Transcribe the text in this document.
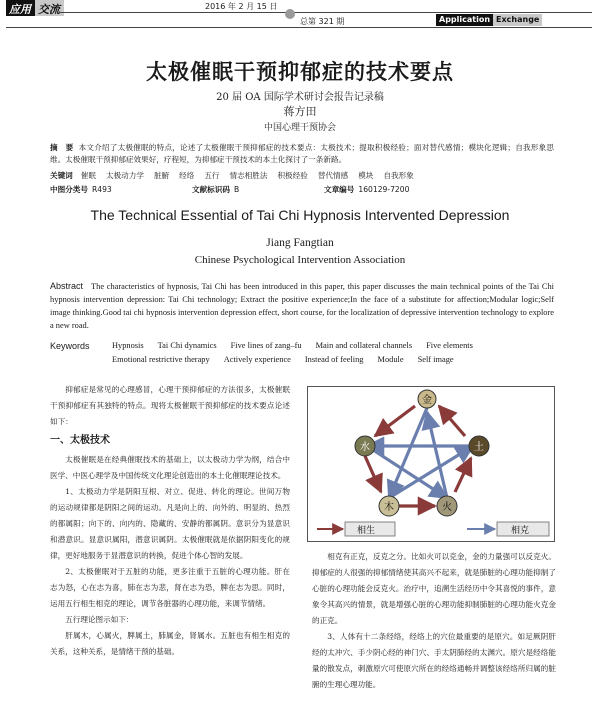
应用 交流	2016 年 2 月 15 日
总第 321 期	Application Exchange
太极催眠干预抑郁症的技术要点
20 届 OA 国际学术研讨会报告记录稿
蒋方田
中国心理干预协会
摘　要 本文介绍了太极催眠的特点，论述了太极催眠干预抑郁症的技术要点：太极技术；提取积极经验；面对替代感情；模块化逻辑；自我形象思维。太极催眠干预抑郁症效果好，疗程短，为抑郁症干预技术的本土化探讨了一条新路。
关键词 催眠 太极动力学 脏腑 经络 五行 情志相胜法 积极经验 替代情感 模块 自我形象
中图分类号 R493	文献标识码 B	文章编号 160129-7200
The Technical Essential of Tai Chi Hypnosis Intervented Depression
Jiang Fangtian
Chinese Psychological Intervention Association
Abstract The characteristics of hypnosis, Tai Chi has been introduced in this paper, this paper discusses the main technical points of the Tai Chi hypnosis intervention depression: Tai Chi technology; Extract the positive experience;In the face of a substitute for affection;Modular logic;Self image thinking.Good tai chi hypnosis intervention depression effect, short course, for the localization of depressive intervention technology to explore a new road.
Keywords	Hypnosis Tai Chi dynamics Five lines of zang–fu Main and collateral channels Five elements
Emotional restrictive therapy Actively experience Instead of feeling Module Self image

抑郁症是常见的心理感冒，心理干预抑郁症的方法很多，太极催眠干预抑郁症有其独特的特点。现将太极催眠干预抑郁症的技术要点论述如下：

一、太极技术

太极催眠是在经典催眠技术的基础上，以太极动力学为纲，结合中医学、中医心理学及中国传统文化理论创造出的本土化催眠理论技术。

1、太极动力学是阴阳互根、对立、促进、转化的理论。世间万物的运动规律都是阴阳之间的运动。凡是向上的、向外的、明显的、热烈的都属阳；向下的、向内的、隐藏的、安静的都属阴。意识分为显意识和潜意识。显意识属阳，潜意识属阴。太极催眠就是依据阴阳变化的规律，更好地服务于显潜意识的转换，促进个体心智的发展。

2、太极催眠对于五脏的功能，更多注重于五脏的心理功能。肝在志为怒，心在志为喜，肺在志为悲，肾在志为恐，脾在志为思。同时，运用五行相生相克的理论，调节各脏器的心理功能，来调节情绪。

五行理论图示如下：

肝属木，心属火，脾属土，肺属金，肾属水。五脏也有相生相克的关系，这种关系，是情绪干预的基础。

金
水	土
木	火
相生	相克

相克有正克，反克之分。比如火可以克金，金的力量强可以反克火。抑郁症的人很强的抑郁情绪使其高兴不起来，就是肺脏的心理功能抑制了心脏的心理功能会反克火。治疗中，追溯生活经历中令其喜悦的事件，意象令其高兴的情景，就是增强心脏的心理功能抑制肺脏的心理功能火克金的正克。

3、人体有十二条经络，经络上的穴位最重要的是原穴。如足厥阴肝经的太冲穴、手少阴心经的神门穴、手太阴肺经的太渊穴。原穴是经络能量的散发点，刺激原穴可使原穴所在的经络通畅并调整该经络所归属的脏腑的生理心理功能。
